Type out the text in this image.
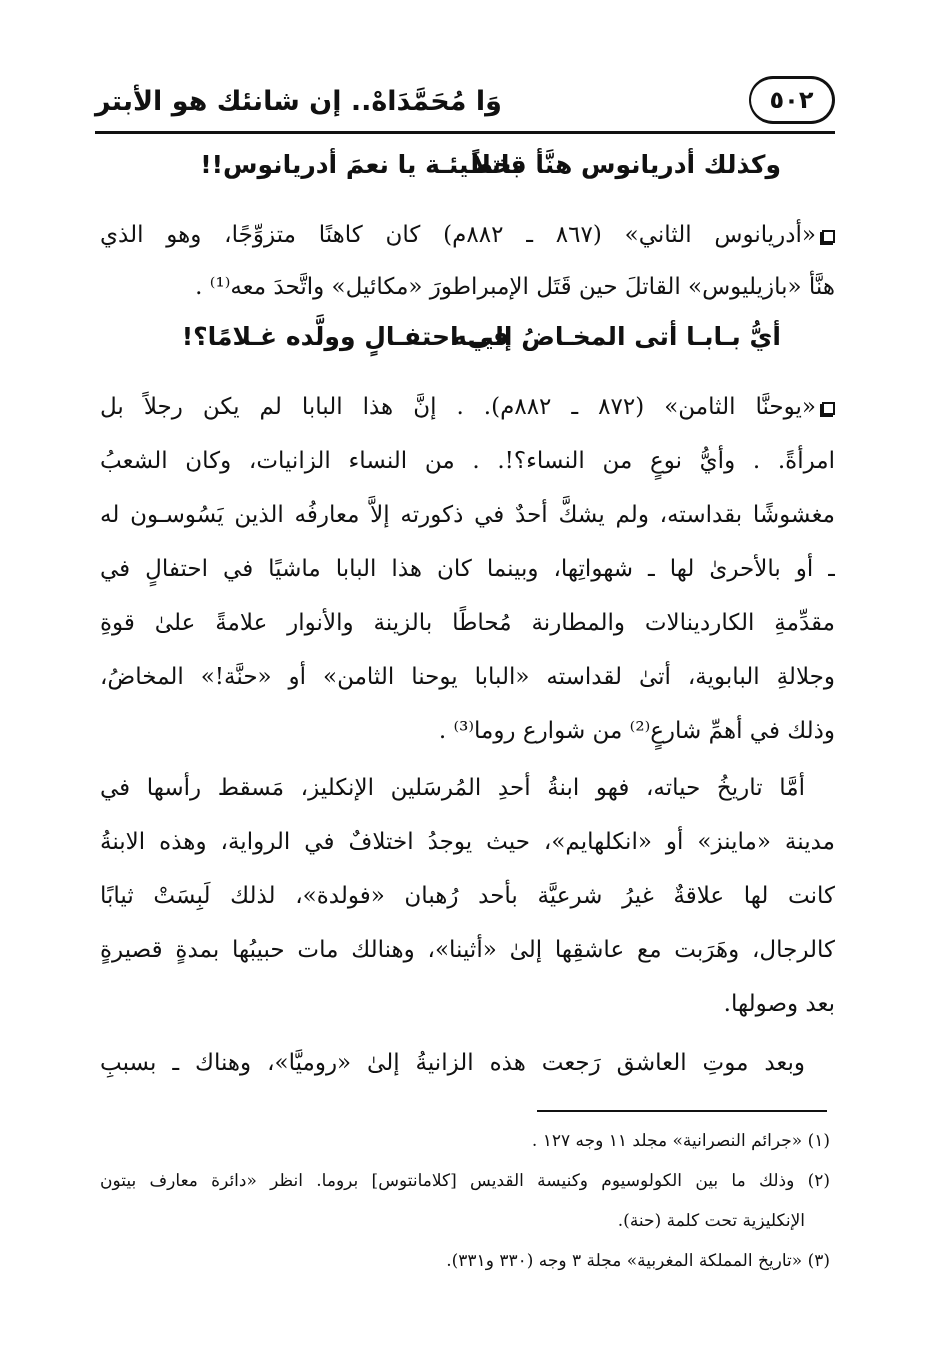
وَا مُحَمَّدَاهْ.. إن شانئك هو الأبتر	٥٠٢
وكذلك أدريانوس هنَّأ قاتلاً
بخطيئـة يا نعمَ أدريانوس!!
«أدريانوس الثاني» (٨٦٧ ـ ٨٨٢م) كان كاهنًا متزوِّجًا، وهو الذي
هنَّأ «بازيليوس» القاتلَ حين قَتَل الإمبراطورَ «مكائيل» واتَّحدَ معه⁽¹⁾ .
أيُّ بـابـا أتى المخـاضُ إليــه
في احتفـالٍ وولَّده غـلامًا؟!
«يوحنَّا الثامن» (٨٧٢ ـ ٨٨٢م). . إنَّ هذا البابا لم يكن رجلاً بل
امرأةً. . وأيُّ نوعٍ من النساء؟!. . من النساء الزانيات، وكان الشعبُ
مغشوشًا بقداسته، ولم يشكَّ أحدٌ في ذكورته إلاَّ معارفُه الذين يَسُوسـون له
ـ أو بالأحرىٰ لها ـ شهواتِها، وبينما كان هذا البابا ماشيًا في احتفالٍ في
مقدِّمةِ الكاردينالات والمطارنة مُحاطًا بالزينة والأنوار علامةً علىٰ قوةِ
وجلالةِ البابوية، أتىٰ لقداسته «البابا يوحنا الثامن» أو «حنَّة!» المخاضُ،
وذلك في أهمِّ شارعٍ⁽²⁾ من شوارع روما⁽³⁾ .
أمَّا تاريخُ حياته، فهو ابنةُ أحدِ المُرسَلين الإنكليز، مَسقط رأسها في
مدينة «ماينز» أو «انكلهايم»، حيث يوجدُ اختلافٌ في الرواية، وهذه الابنةُ
كانت لها علاقةٌ غيرُ شرعيَّة بأحد رُهبان «فولدة»، لذلك لَبِسَتْ ثيابًا
كالرجال، وهَرَبت مع عاشقِها إلىٰ «أثينا»، وهنالك مات حبيبُها بمدةٍ قصيرةٍ
بعد وصولها.
وبعد موتِ العاشق رَجعت هذه الزانيةُ إلىٰ «روميَّا»، وهناك ـ بسببِ
(١) «جرائم النصرانية» مجلد ١١ وجه ١٢٧ .
(٢) وذلك ما بين الكولوسيوم وكنيسة القديس [كلامانتوس] بروما. انظر «دائرة معارف بيتون
الإنكليزية تحت كلمة (حنة).
(٣) «تاريخ المملكة المغربية» مجلة ٣ وجه (٣٣٠ و٣٣١).
